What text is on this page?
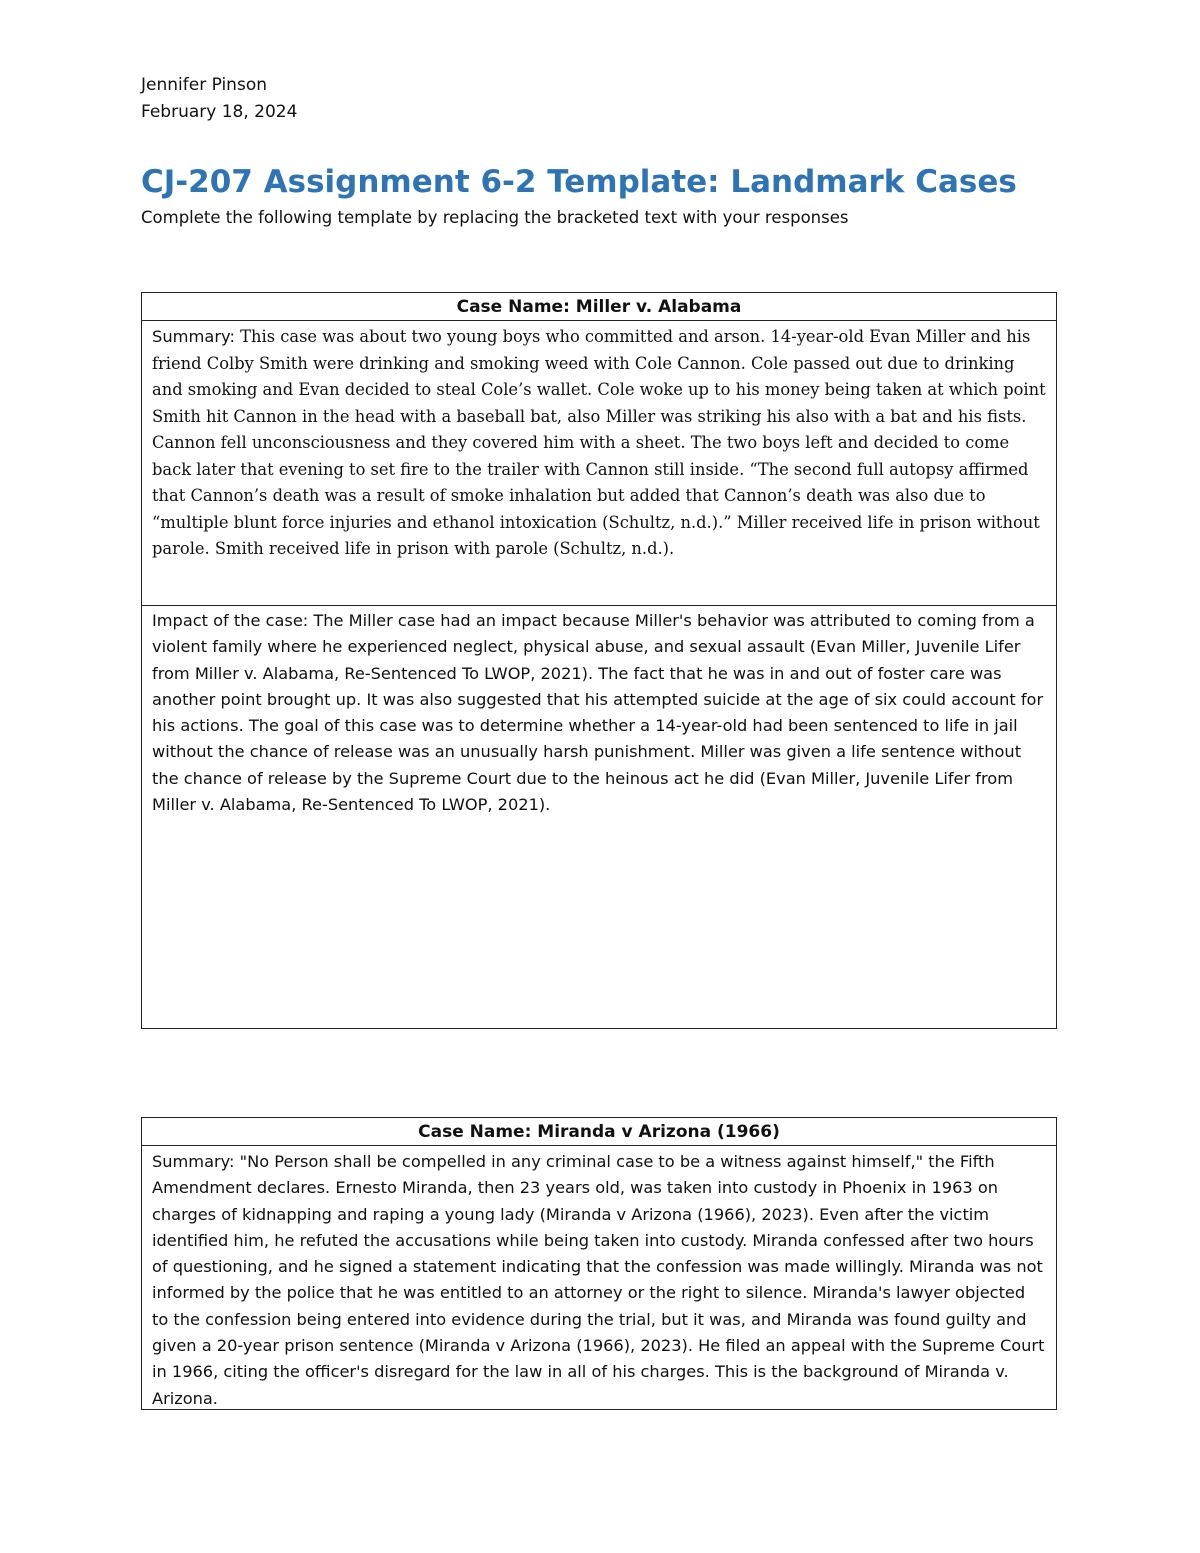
Jennifer Pinson
February 18, 2024
CJ-207 Assignment 6-2 Template: Landmark Cases
Complete the following template by replacing the bracketed text with your responses
Case Name: Miller v. Alabama
Summary: This case was about two young boys who committed and arson. 14-year-old Evan Miller and his friend Colby Smith were drinking and smoking weed with Cole Cannon. Cole passed out due to drinking and smoking and Evan decided to steal Cole’s wallet. Cole woke up to his money being taken at which point Smith hit Cannon in the head with a baseball bat, also Miller was striking his also with a bat and his fists. Cannon fell unconsciousness and they covered him with a sheet. The two boys left and decided to come back later that evening to set fire to the trailer with Cannon still inside. “The second full autopsy affirmed that Cannon’s death was a result of smoke inhalation but added that Cannon’s death was also due to “multiple blunt force injuries and ethanol intoxication (Schultz, n.d.).” Miller received life in prison without parole. Smith received life in prison with parole (Schultz, n.d.).
Impact of the case: The Miller case had an impact because Miller's behavior was attributed to coming from a violent family where he experienced neglect, physical abuse, and sexual assault (Evan Miller, Juvenile Lifer from Miller v. Alabama, Re-Sentenced To LWOP, 2021). The fact that he was in and out of foster care was another point brought up. It was also suggested that his attempted suicide at the age of six could account for his actions. The goal of this case was to determine whether a 14-year-old had been sentenced to life in jail without the chance of release was an unusually harsh punishment. Miller was given a life sentence without the chance of release by the Supreme Court due to the heinous act he did (Evan Miller, Juvenile Lifer from Miller v. Alabama, Re-Sentenced To LWOP, 2021).
Case Name: Miranda v Arizona (1966)
Summary: "No Person shall be compelled in any criminal case to be a witness against himself," the Fifth Amendment declares. Ernesto Miranda, then 23 years old, was taken into custody in Phoenix in 1963 on charges of kidnapping and raping a young lady (Miranda v Arizona (1966), 2023). Even after the victim identified him, he refuted the accusations while being taken into custody. Miranda confessed after two hours of questioning, and he signed a statement indicating that the confession was made willingly. Miranda was not informed by the police that he was entitled to an attorney or the right to silence. Miranda's lawyer objected to the confession being entered into evidence during the trial, but it was, and Miranda was found guilty and given a 20-year prison sentence (Miranda v Arizona (1966), 2023). He filed an appeal with the Supreme Court in 1966, citing the officer's disregard for the law in all of his charges. This is the background of Miranda v. Arizona.
